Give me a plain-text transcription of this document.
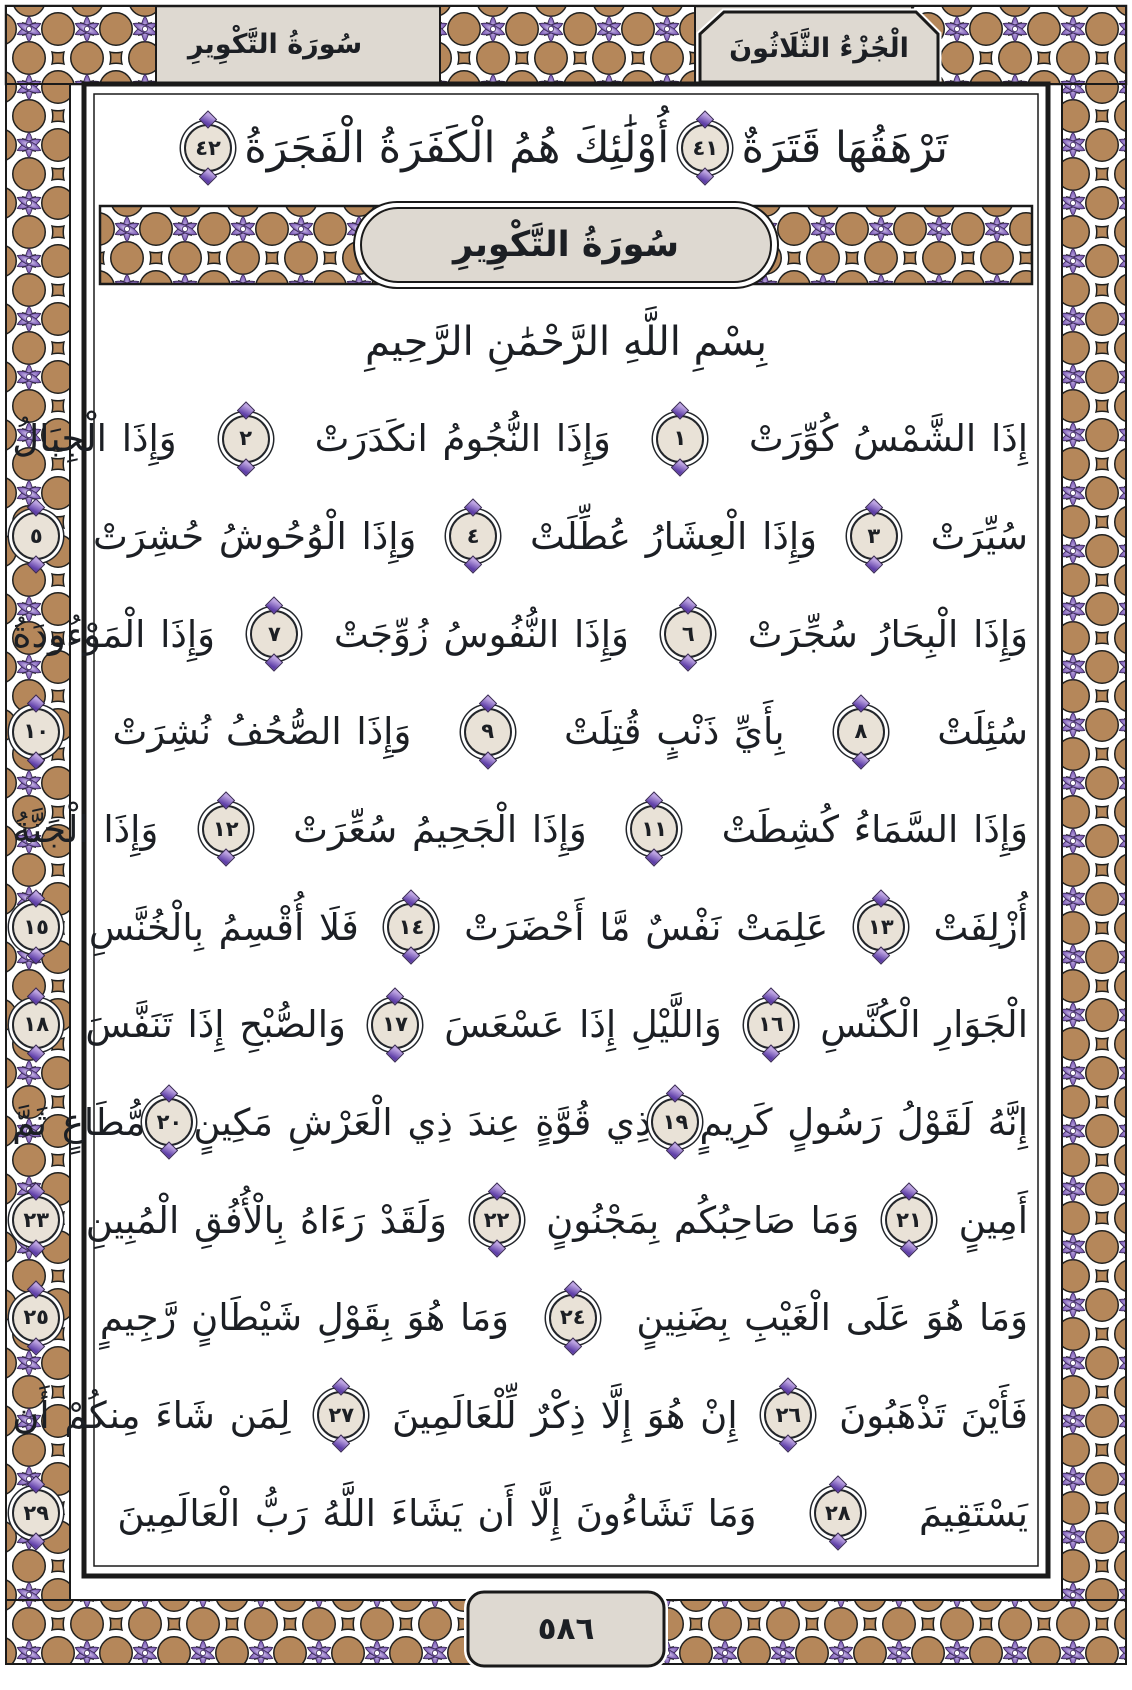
سُورَةُ التَّكْوِيرِ	الْجُزْءُ الثَّلَاثُونَ
تَرْهَقُهَا قَتَرَةٌ
٤١
أُوْلَٰئِكَ هُمُ الْكَفَرَةُ الْفَجَرَةُ
٤٢
سُورَةُ التَّكْوِيرِ
بِسْمِ اللَّهِ الرَّحْمَٰنِ الرَّحِيمِ
إِذَا الشَّمْسُ كُوِّرَتْ
١
وَإِذَا النُّجُومُ انكَدَرَتْ
٢
وَإِذَا الْجِبَالُ
سُيِّرَتْ
٣
وَإِذَا الْعِشَارُ عُطِّلَتْ
٤
وَإِذَا الْوُحُوشُ حُشِرَتْ
٥
وَإِذَا الْبِحَارُ سُجِّرَتْ
٦
وَإِذَا النُّفُوسُ زُوِّجَتْ
٧
وَإِذَا الْمَوْءُودَةُ
سُئِلَتْ
٨
بِأَيِّ ذَنْبٍ قُتِلَتْ
٩
وَإِذَا الصُّحُفُ نُشِرَتْ
١٠
وَإِذَا السَّمَاءُ كُشِطَتْ
١١
وَإِذَا الْجَحِيمُ سُعِّرَتْ
١٢
وَإِذَا الْجَنَّةُ
أُزْلِفَتْ
١٣
عَلِمَتْ نَفْسٌ مَّا أَحْضَرَتْ
١٤
فَلَا أُقْسِمُ بِالْخُنَّسِ
١٥
الْجَوَارِ الْكُنَّسِ
١٦
وَاللَّيْلِ إِذَا عَسْعَسَ
١٧
وَالصُّبْحِ إِذَا تَنَفَّسَ
١٨
إِنَّهُ لَقَوْلُ رَسُولٍ كَرِيمٍ
١٩
ذِي قُوَّةٍ عِندَ ذِي الْعَرْشِ مَكِينٍ
٢٠
مُّطَاعٍ ثَمَّ
أَمِينٍ
٢١
وَمَا صَاحِبُكُم بِمَجْنُونٍ
٢٢
وَلَقَدْ رَءَاهُ بِالْأُفُقِ الْمُبِينِ
٢٣
وَمَا هُوَ عَلَى الْغَيْبِ بِضَنِينٍ
٢٤
وَمَا هُوَ بِقَوْلِ شَيْطَانٍ رَّجِيمٍ
٢٥
فَأَيْنَ تَذْهَبُونَ
٢٦
إِنْ هُوَ إِلَّا ذِكْرٌ لِّلْعَالَمِينَ
٢٧
لِمَن شَاءَ مِنكُمْ أَن
يَسْتَقِيمَ
٢٨
وَمَا تَشَاءُونَ إِلَّا أَن يَشَاءَ اللَّهُ رَبُّ الْعَالَمِينَ
٢٩
٥٨٦
